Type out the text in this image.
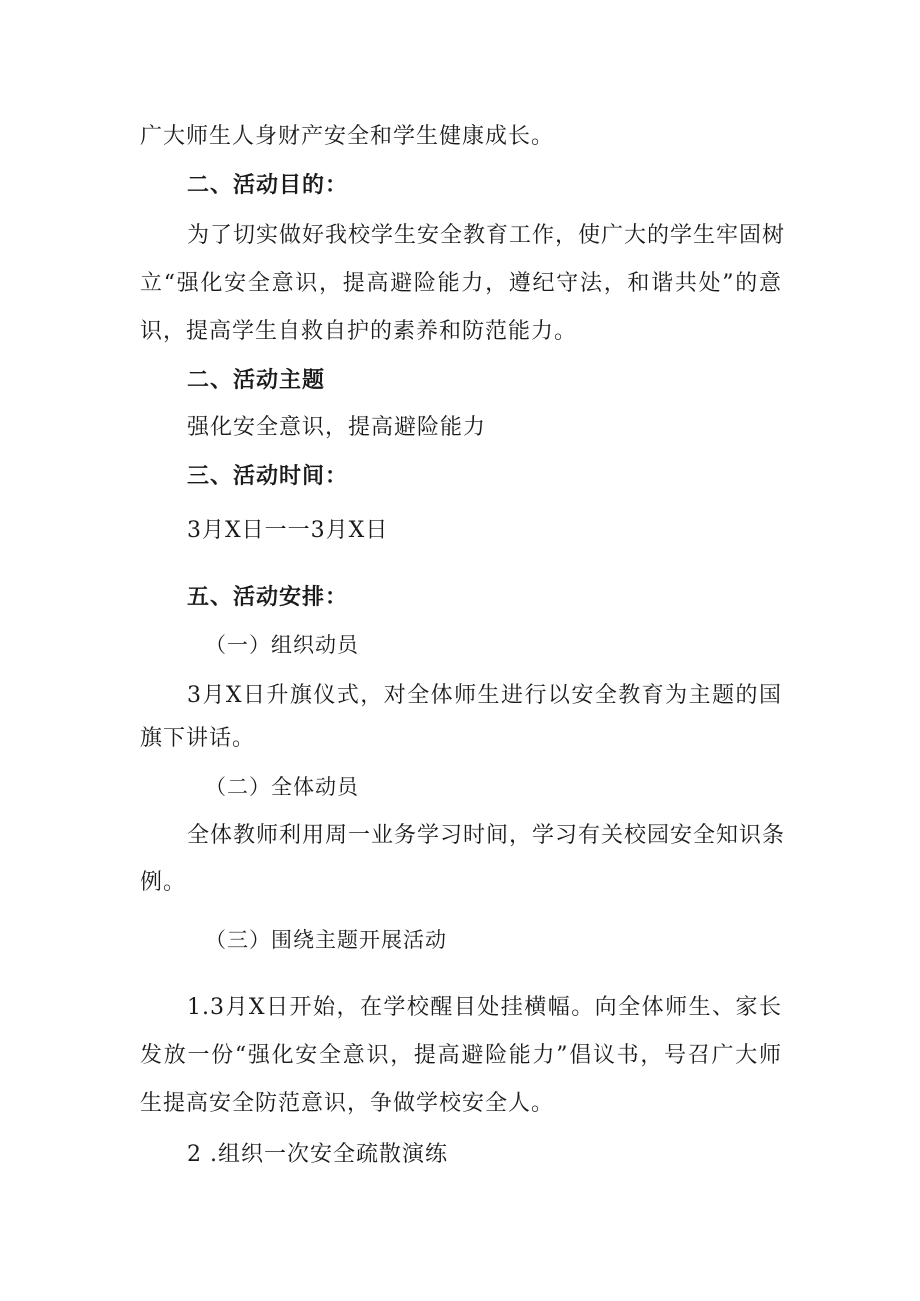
广大师生人身财产安全和学生健康成长。

二、活动目的：

为了切实做好我校学生安全教育工作，使广大的学生牢固树

立“强化安全意识，提高避险能力，遵纪守法，和谐共处”的意

识，提高学生自救自护的素养和防范能力。

二、活动主题

强化安全意识，提高避险能力

三、活动时间：

3月X日一一3月X日

五、活动安排：

（一）组织动员

3月X日升旗仪式，对全体师生进行以安全教育为主题的国

旗下讲话。

（二）全体动员

全体教师利用周一业务学习时间，学习有关校园安全知识条

例。

（三）围绕主题开展活动

1.3月X日开始，在学校醒目处挂横幅。向全体师生、家长

发放一份“强化安全意识，提高避险能力”倡议书，号召广大师

生提高安全防范意识，争做学校安全人。

2 .组织一次安全疏散演练
